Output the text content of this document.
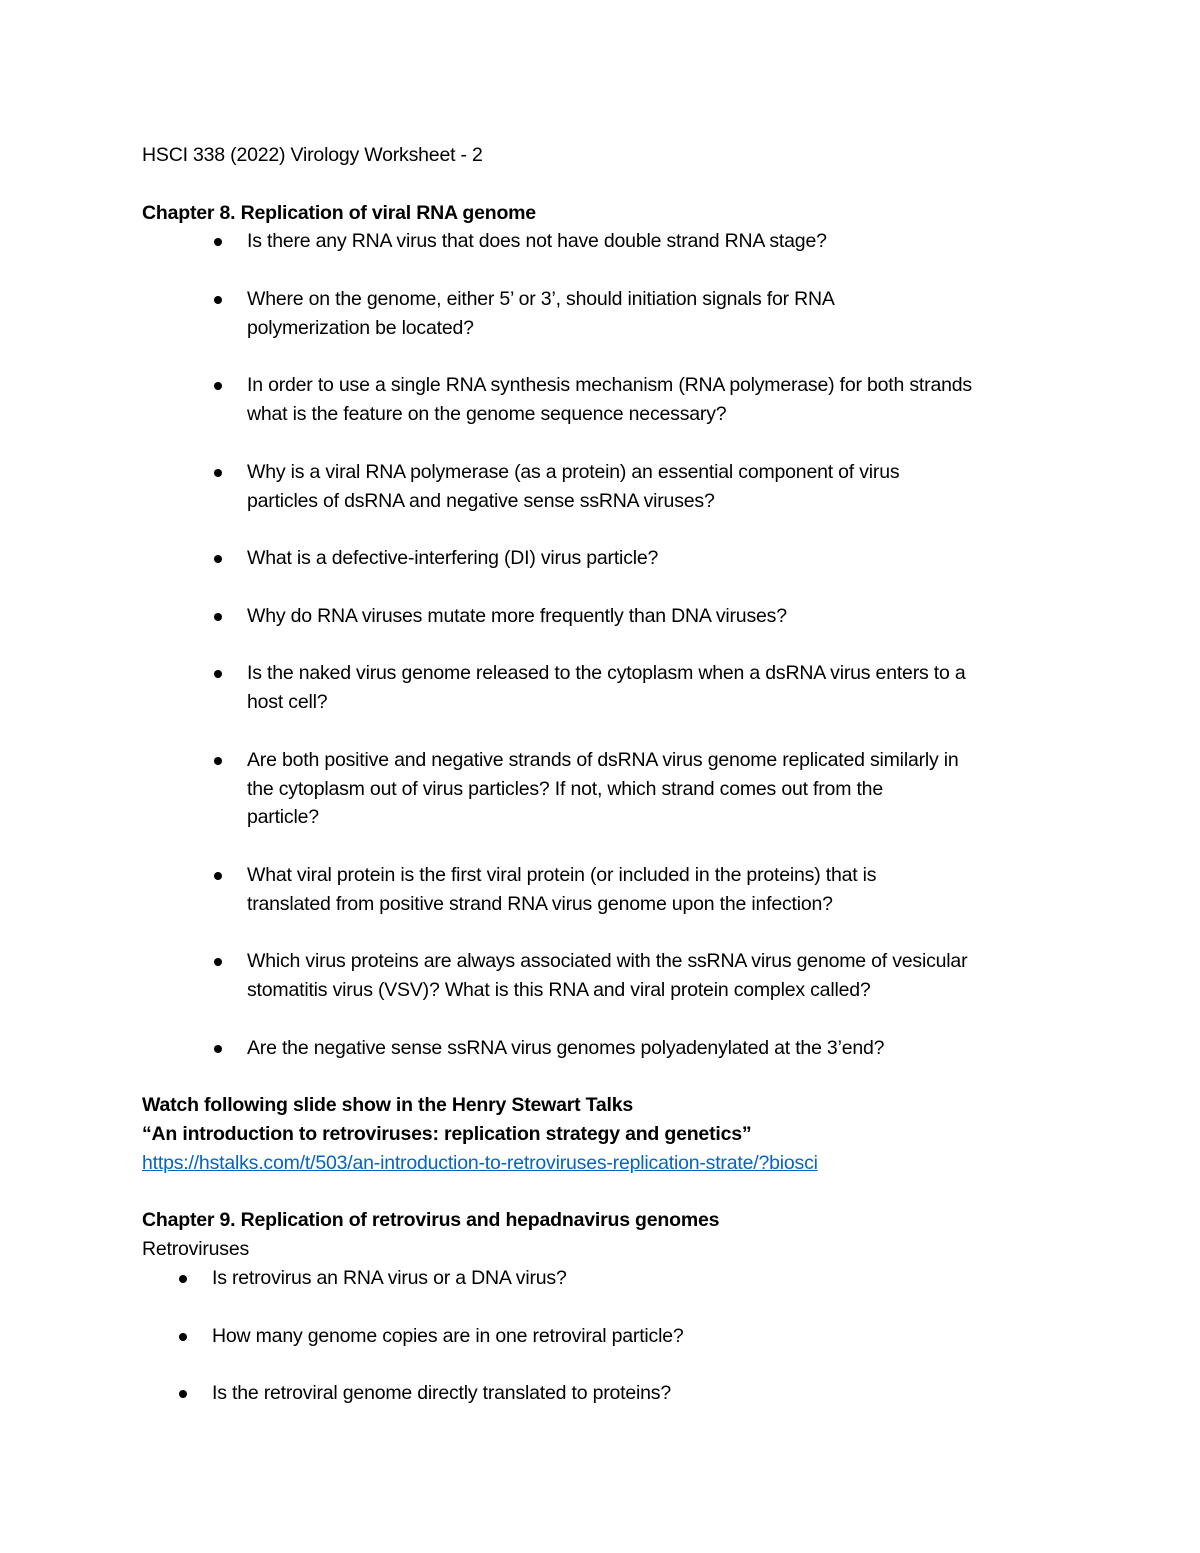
HSCI 338 (2022) Virology Worksheet - 2
Chapter 8. Replication of viral RNA genome
Is there any RNA virus that does not have double strand RNA stage?
Where on the genome, either 5’ or 3’, should initiation signals for RNA
polymerization be located?
In order to use a single RNA synthesis mechanism (RNA polymerase) for both strands
what is the feature on the genome sequence necessary?
Why is a viral RNA polymerase (as a protein) an essential component of virus
particles of dsRNA and negative sense ssRNA viruses?
What is a defective-interfering (DI) virus particle?
Why do RNA viruses mutate more frequently than DNA viruses?
Is the naked virus genome released to the cytoplasm when a dsRNA virus enters to a
host cell?
Are both positive and negative strands of dsRNA virus genome replicated similarly in
the cytoplasm out of virus particles? If not, which strand comes out from the
particle?
What viral protein is the first viral protein (or included in the proteins) that is
translated from positive strand RNA virus genome upon the infection?
Which virus proteins are always associated with the ssRNA virus genome of vesicular
stomatitis virus (VSV)? What is this RNA and viral protein complex called?
Are the negative sense ssRNA virus genomes polyadenylated at the 3’end?
Watch following slide show in the Henry Stewart Talks
“An introduction to retroviruses: replication strategy and genetics”
https://hstalks.com/t/503/an-introduction-to-retroviruses-replication-strate/?biosci
Chapter 9. Replication of retrovirus and hepadnavirus genomes
Retroviruses
Is retrovirus an RNA virus or a DNA virus?
How many genome copies are in one retroviral particle?
Is the retroviral genome directly translated to proteins?
